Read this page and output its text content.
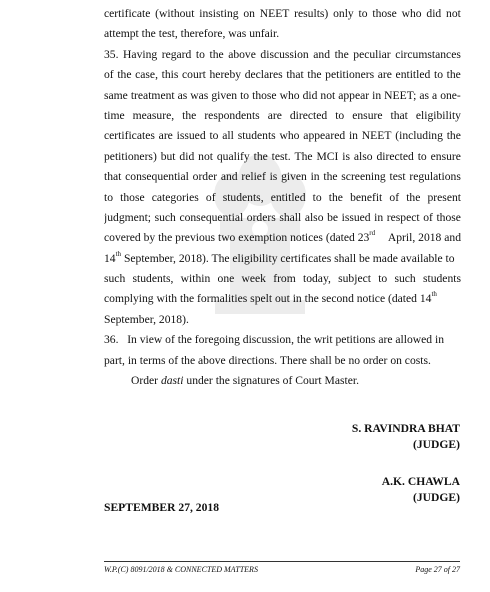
certificate (without insisting on NEET results) only to those who did not
attempt the test, therefore, was unfair.
35. Having regard to the above discussion and the peculiar circumstances
of the case, this court hereby declares that the petitioners are entitled to the
same treatment as was given to those who did not appear in NEET; as a one-
time measure, the respondents are directed to ensure that eligibility
certificates are issued to all students who appeared in NEET (including the
petitioners) but did not qualify the test. The MCI is also directed to ensure
that consequential order and relief is given in the screening test regulations
to those categories of students, entitled to the benefit of the present
judgment; such consequential orders shall also be issued in respect of those
covered by the previous two exemption notices (dated 23rd April, 2018 and
14th September, 2018). The eligibility certificates shall be made available to
such students, within one week from today, subject to such students
complying with the formalities spelt out in the second notice (dated 14th
September, 2018).
36.   In view of the foregoing discussion, the writ petitions are allowed in
part, in terms of the above directions. There shall be no order on costs.
Order dasti under the signatures of Court Master.
S. RAVINDRA BHAT
(JUDGE)
A.K. CHAWLA
(JUDGE)
SEPTEMBER 27, 2018
W.P.(C) 8091/2018 & CONNECTED MATTERS	Page 27 of 27
